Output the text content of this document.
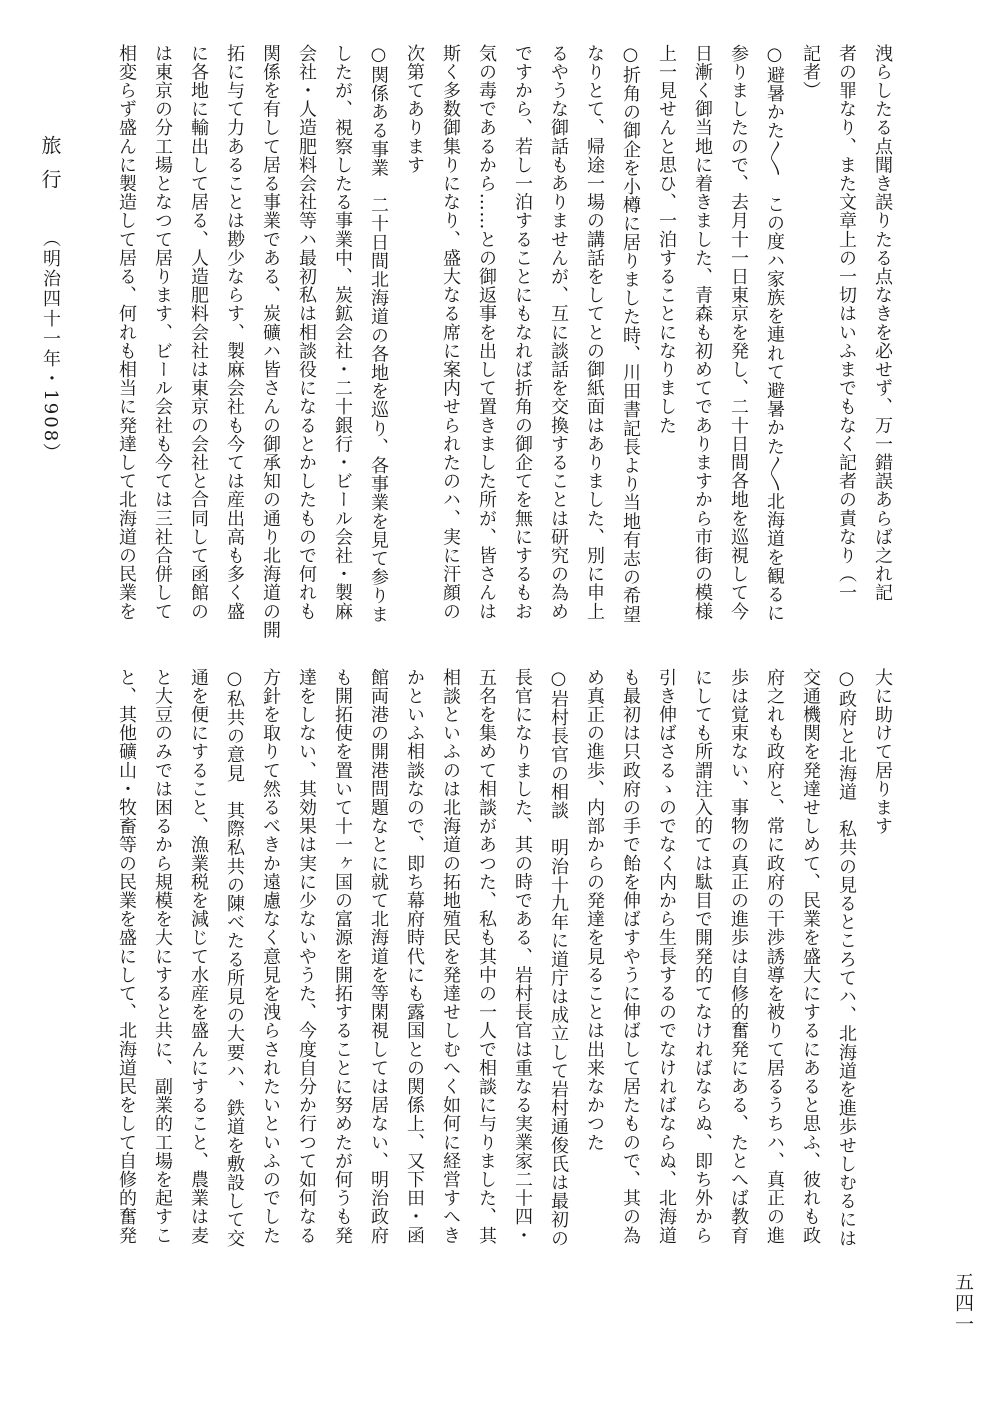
旅行 （明治四十一年・1908）	洩らしたる点聞き誤りたる点なきを必せず、万一錯誤あらば之れ記

者の罪なり、また文章上の一切はいふまでもなく記者の責なり（一

記者）

○避暑かた〱　この度ハ家族を連れて避暑かた〱北海道を観るに

参りましたので、去月十一日東京を発し、二十日間各地を巡視して今

日漸く御当地に着きました、青森も初めてでありますから市街の模様

上一見せんと思ひ、一泊することになりました

○折角の御企を小樽に居りました時、川田書記長より当地有志の希望

なりとて、帰途一場の講話をしてとの御紙面はありました、別に申上

るやうな御話もありませんが、互に談話を交換することは研究の為め

ですから、若し一泊することにもなれば折角の御企てを無にするもお

気の毒であるから……との御返事を出して置きました所が、皆さんは

斯く多数御集りになり、盛大なる席に案内せられたのハ、実に汗顔の

次第てあります

○関係ある事業　二十日間北海道の各地を巡り、各事業を見て参りま

したが、視察したる事業中、炭鉱会社・二十銀行・ビール会社・製麻

会社・人造肥料会社等ハ最初私は相談役になるとかしたもので何れも

関係を有して居る事業である、炭礦ハ皆さんの御承知の通り北海道の開

拓に与て力あることは尠少ならす、製麻会社も今ては産出高も多く盛

に各地に輸出して居る、人造肥料会社は東京の会社と合同して函館の

は東京の分工場となつて居ります、ビール会社も今ては三社合併して

相変らず盛んに製造して居る、何れも相当に発達して北海道の民業を

大に助けて居ります

○政府と北海道　私共の見るところてハ、北海道を進歩せしむるには

交通機関を発達せしめて、民業を盛大にするにあると思ふ、彼れも政

府之れも政府と、常に政府の干渉誘導を被りて居るうちハ、真正の進

歩は覚束ない、事物の真正の進歩は自修的奮発にある、たとへば教育

にしても所謂注入的ては駄目で開発的てなければならぬ、即ち外から

引き伸ばさるゝのでなく内から生長するのでなければならぬ、北海道

も最初は只政府の手で飴を伸ばすやうに伸ばして居たもので、其の為

め真正の進歩、内部からの発達を見ることは出来なかつた

○岩村長官の相談　明治十九年に道庁は成立して岩村通俊氏は最初の

長官になりました、其の時である、岩村長官は重なる実業家二十四・

五名を集めて相談があつた、私も其中の一人で相談に与りました、其

相談といふのは北海道の拓地殖民を発達せしむへく如何に経営すへき

かといふ相談なので、即ち幕府時代にも露国との関係上、又下田・函

館両港の開港問題なとに就て北海道を等閑視しては居ない、明治政府

も開拓使を置いて十一ヶ国の富源を開拓することに努めたが何うも発

達をしない、其効果は実に少ないやうた、今度自分か行つて如何なる

方針を取りて然るべきか遠慮なく意見を洩らされたいといふのでした

○私共の意見　其際私共の陳べたる所見の大要ハ、鉄道を敷設して交

通を便にすること、漁業税を減じて水産を盛んにすること、農業は麦

と大豆のみでは困るから規模を大にすると共に、副業的工場を起すこ

と、其他礦山・牧畜等の民業を盛にして、北海道民をして自修的奮発

五四一
